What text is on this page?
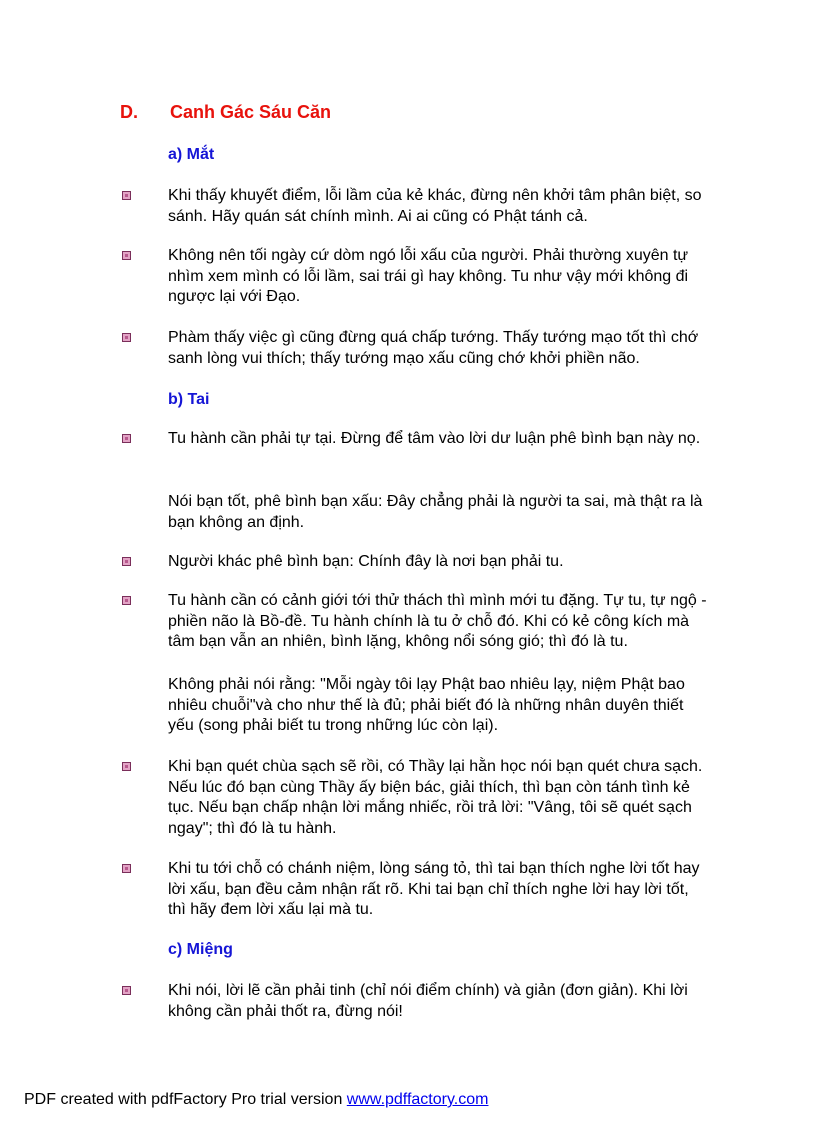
D.	Canh Gác Sáu Căn
a) Mắt

Khi thấy khuyết điểm, lỗi lầm của kẻ khác, đừng nên khởi tâm phân biệt, so sánh. Hãy quán sát chính mình. Ai ai cũng có Phật tánh cả.

Không nên tối ngày cứ dòm ngó lỗi xấu của người. Phải thường xuyên tự nhìm xem mình có lỗi lầm, sai trái gì hay không. Tu như vậy mới không đi ngược lại với Đạo.

Phàm thấy việc gì cũng đừng quá chấp tướng. Thấy tướng mạo tốt thì chớ sanh lòng vui thích; thấy tướng mạo xấu cũng chớ khởi phiền não.

b) Tai

Tu hành cần phải tự tại. Đừng để tâm vào lời dư luận phê bình bạn này nọ.

Nói bạn tốt, phê bình bạn xấu: Đây chẳng phải là người ta sai, mà thật ra là bạn không an định.

Người khác phê bình bạn: Chính đây là nơi bạn phải tu.

Tu hành cần có cảnh giới tới thử thách thì mình mới tu đặng. Tự tu, tự ngộ - phiền não là Bồ-đề. Tu hành chính là tu ở chỗ đó. Khi có kẻ công kích mà tâm bạn vẫn an nhiên, bình lặng, không nổi sóng gió; thì đó là tu.

Không phải nói rằng: "Mỗi ngày tôi lạy Phật bao nhiêu lạy, niệm Phật bao nhiêu chuỗi"và cho như thế là đủ; phải biết đó là những nhân duyên thiết yếu (song phải biết tu trong những lúc còn lại).

Khi bạn quét chùa sạch sẽ rồi, có Thầy lại hằn học nói bạn quét chưa sạch. Nếu lúc đó bạn cùng Thầy ấy biện bác, giải thích, thì bạn còn tánh tình kẻ tục. Nếu bạn chấp nhận lời mắng nhiếc, rồi trả lời: "Vâng, tôi sẽ quét sạch ngay"; thì đó là tu hành.

Khi tu tới chỗ có chánh niệm, lòng sáng tỏ, thì tai bạn thích nghe lời tốt hay lời xấu, bạn đều cảm nhận rất rõ. Khi tai bạn chỉ thích nghe lời hay lời tốt, thì hãy đem lời xấu lại mà tu.

c) Miệng

Khi nói, lời lẽ cần phải tinh (chỉ nói điểm chính) và giản (đơn giản). Khi lời không cần phải thốt ra, đừng nói!

PDF created with pdfFactory Pro trial version www.pdffactory.com
